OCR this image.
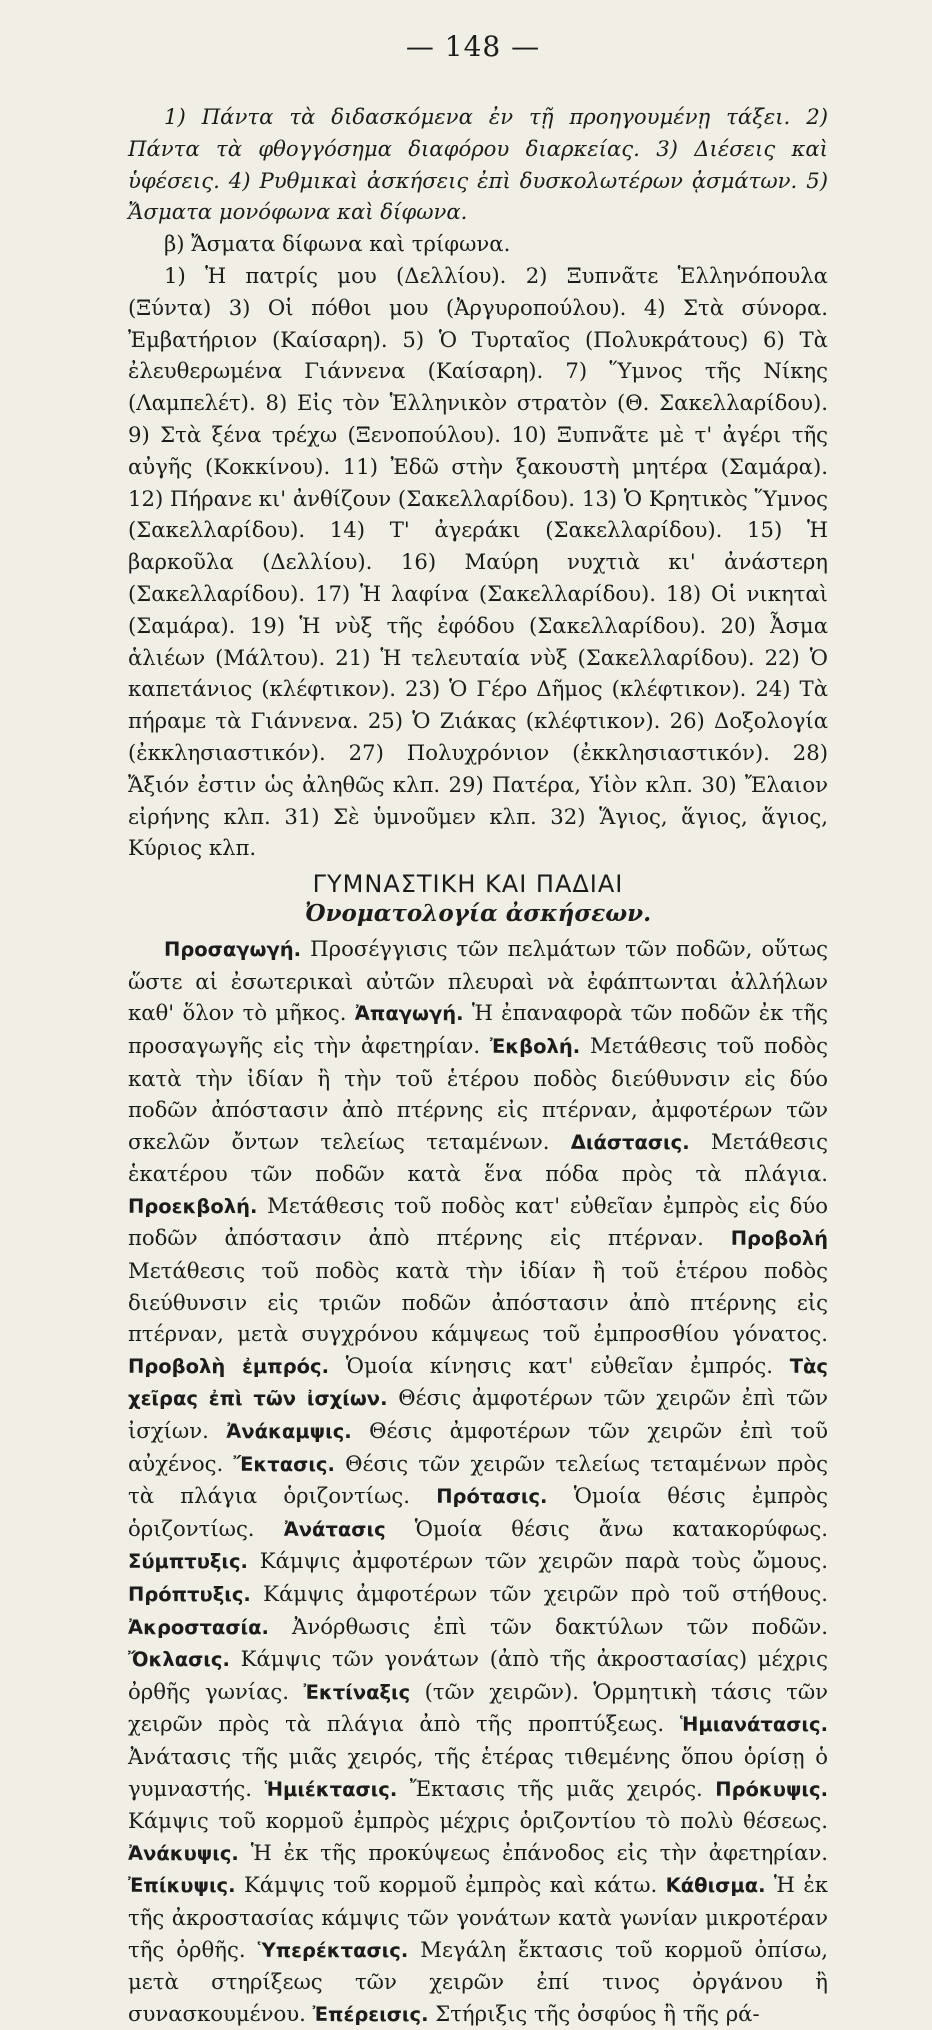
— 148 —

1) Πάντα τὰ διδασκόμενα ἐν τῇ προηγουμένῃ τάξει. 2) Πάντα τὰ φθογγόσημα διαφόρου διαρκείας. 3) Διέσεις καὶ ὑφέσεις. 4) Ρυθμικαὶ ἀσκήσεις ἐπὶ δυσκολωτέρων ᾀσμάτων. 5) Ἄσματα μονόφωνα καὶ δίφωνα.

β) Ἄσματα δίφωνα καὶ τρίφωνα.

1) Ἡ πατρίς μου (Δελλίου). 2) Ξυπνᾶτε Ἑλληνόπουλα (Ξύντα) 3) Οἱ πόθοι μου (Ἀργυροπούλου). 4) Στὰ σύνορα. Ἐμβατήριον (Καίσαρη). 5) Ὁ Τυρταῖος (Πολυκράτους) 6) Τὰ ἐλευθερωμένα Γιάννενα (Καίσαρη). 7) Ὕμνος τῆς Νίκης (Λαμπελέτ). 8) Εἰς τὸν Ἑλληνικὸν στρατὸν (Θ. Σακελλαρίδου). 9) Στὰ ξένα τρέχω (Ξενοπούλου). 10) Ξυπνᾶτε μὲ τ' ἀγέρι τῆς αὐγῆς (Κοκκίνου). 11) Ἐδῶ στὴν ξακουστὴ μητέρα (Σαμάρα). 12) Πήρανε κι' ἀνθίζουν (Σακελλαρίδου). 13) Ὁ Κρητικὸς Ὕμνος (Σακελλαρίδου). 14) Τ' ἀγεράκι (Σακελλαρίδου). 15) Ἡ βαρκοῦλα (Δελλίου). 16) Μαύρη νυχτιὰ κι' ἀνάστερη (Σακελλαρίδου). 17) Ἡ λαφίνα (Σακελλαρίδου). 18) Οἱ νικηταὶ (Σαμάρα). 19) Ἡ νὺξ τῆς ἐφόδου (Σακελλαρίδου). 20) Ἆσμα ἁλιέων (Μάλτου). 21) Ἡ τελευταία νὺξ (Σακελλαρίδου). 22) Ὁ καπετάνιος (κλέφτικον). 23) Ὁ Γέρο Δῆμος (κλέφτικον). 24) Τὰ πήραμε τὰ Γιάννενα. 25) Ὁ Ζιάκας (κλέφτικον). 26) Δοξολογία (ἐκκλησιαστικόν). 27) Πολυχρόνιον (ἐκκλησιαστικόν). 28) Ἄξιόν ἐστιν ὡς ἀληθῶς κλπ. 29) Πατέρα, Υἱὸν κλπ. 30) Ἔλαιον εἰρήνης κλπ. 31) Σὲ ὑμνοῦμεν κλπ. 32) Ἅγιος, ἅγιος, ἅγιος, Κύριος κλπ.

ΓΥΜΝΑΣΤΙΚΗ ΚΑΙ ΠΑΔΙΑΙ
Ὀνοματολογία ἀσκήσεων.

Προσαγωγή. Προσέγγισις τῶν πελμάτων τῶν ποδῶν, οὕτως ὥστε αἱ ἐσωτερικαὶ αὐτῶν πλευραὶ νὰ ἐφάπτωνται ἀλλήλων καθ' ὅλον τὸ μῆκος. Ἀπαγωγή. Ἡ ἐπαναφορὰ τῶν ποδῶν ἐκ τῆς προσαγωγῆς εἰς τὴν ἀφετηρίαν. Ἐκβολή. Μετάθεσις τοῦ ποδὸς κατὰ τὴν ἰδίαν ἢ τὴν τοῦ ἑτέρου ποδὸς διεύθυνσιν εἰς δύο ποδῶν ἀπόστασιν ἀπὸ πτέρνης εἰς πτέρναν, ἀμφοτέρων τῶν σκελῶν ὄντων τελείως τεταμένων. Διάστασις. Μετάθεσις ἑκατέρου τῶν ποδῶν κατὰ ἕνα πόδα πρὸς τὰ πλάγια. Προεκβολή. Μετάθεσις τοῦ ποδὸς κατ' εὐθεῖαν ἐμπρὸς εἰς δύο ποδῶν ἀπόστασιν ἀπὸ πτέρνης εἰς πτέρναν. Προβολή Μετάθεσις τοῦ ποδὸς κατὰ τὴν ἰδίαν ἢ τοῦ ἑτέρου ποδὸς διεύθυνσιν εἰς τριῶν ποδῶν ἀπόστασιν ἀπὸ πτέρνης εἰς πτέρναν, μετὰ συγχρόνου κάμψεως τοῦ ἐμπροσθίου γόνατος. Προβολὴ ἐμπρός. Ὁμοία κίνησις κατ' εὐθεῖαν ἐμπρός. Τὰς χεῖρας ἐπὶ τῶν ἰσχίων. Θέσις ἀμφοτέρων τῶν χειρῶν ἐπὶ τῶν ἰσχίων. Ἀνάκαμψις. Θέσις ἀμφοτέρων τῶν χειρῶν ἐπὶ τοῦ αὐχένος. Ἔκτασις. Θέσις τῶν χειρῶν τελείως τεταμένων πρὸς τὰ πλάγια ὁριζοντίως. Πρότασις. Ὁμοία θέσις ἐμπρὸς ὁριζοντίως. Ἀνάτασις Ὁμοία θέσις ἄνω κατακορύφως. Σύμπτυξις. Κάμψις ἀμφοτέρων τῶν χειρῶν παρὰ τοὺς ὤμους. Πρόπτυξις. Κάμψις ἀμφοτέρων τῶν χειρῶν πρὸ τοῦ στήθους. Ἀκροστασία. Ἀνόρθωσις ἐπὶ τῶν δακτύλων τῶν ποδῶν. Ὄκλασις. Κάμψις τῶν γονάτων (ἀπὸ τῆς ἀκροστασίας) μέχρις ὀρθῆς γωνίας. Ἐκτίναξις (τῶν χειρῶν). Ὁρμητικὴ τάσις τῶν χειρῶν πρὸς τὰ πλάγια ἀπὸ τῆς προπτύξεως. Ἡμιανάτασις. Ἀνάτασις τῆς μιᾶς χειρός, τῆς ἑτέρας τιθεμένης ὅπου ὁρίσῃ ὁ γυμναστής. Ἡμιέκτασις. Ἔκτασις τῆς μιᾶς χειρός. Πρόκυψις. Κάμψις τοῦ κορμοῦ ἐμπρὸς μέχρις ὁριζοντίου τὸ πολὺ θέσεως. Ἀνάκυψις. Ἡ ἐκ τῆς προκύψεως ἐπάνοδος εἰς τὴν ἀφετηρίαν. Ἐπίκυψις. Κάμψις τοῦ κορμοῦ ἐμπρὸς καὶ κάτω. Κάθισμα. Ἡ ἐκ τῆς ἀκροστασίας κάμψις τῶν γονάτων κατὰ γωνίαν μικροτέραν τῆς ὀρθῆς. Ὑπερέκτασις. Μεγάλη ἔκτασις τοῦ κορμοῦ ὀπίσω, μετὰ στηρίξεως τῶν χειρῶν ἐπί τινος ὀργάνου ἢ συνασκουμένου. Ἐπέρεισις. Στήριξις τῆς ὀσφύος ἢ τῆς ρά-
